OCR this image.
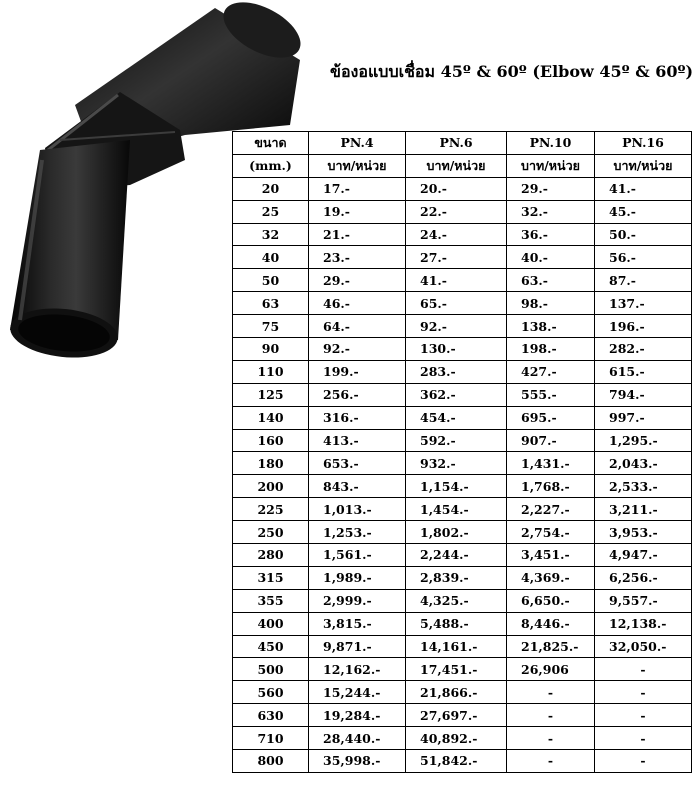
ข้องอแบบเชื่อม 45º & 60º (Elbow 45º & 60º)
ขนาด	PN.4	PN.6	PN.10	PN.16
(mm.)	บาท/หน่วย	บาท/หน่วย	บาท/หน่วย	บาท/หน่วย
20	17.-	20.-	29.-	41.-
25	19.-	22.-	32.-	45.-
32	21.-	24.-	36.-	50.-
40	23.-	27.-	40.-	56.-
50	29.-	41.-	63.-	87.-
63	46.-	65.-	98.-	137.-
75	64.-	92.-	138.-	196.-
90	92.-	130.-	198.-	282.-
110	199.-	283.-	427.-	615.-
125	256.-	362.-	555.-	794.-
140	316.-	454.-	695.-	997.-
160	413.-	592.-	907.-	1,295.-
180	653.-	932.-	1,431.-	2,043.-
200	843.-	1,154.-	1,768.-	2,533.-
225	1,013.-	1,454.-	2,227.-	3,211.-
250	1,253.-	1,802.-	2,754.-	3,953.-
280	1,561.-	2,244.-	3,451.-	4,947.-
315	1,989.-	2,839.-	4,369.-	6,256.-
355	2,999.-	4,325.-	6,650.-	9,557.-
400	3,815.-	5,488.-	8,446.-	12,138.-
450	9,871.-	14,161.-	21,825.-	32,050.-
500	12,162.-	17,451.-	26,906	-
560	15,244.-	21,866.-	-	-
630	19,284.-	27,697.-	-	-
710	28,440.-	40,892.-	-	-
800	35,998.-	51,842.-	-	-
